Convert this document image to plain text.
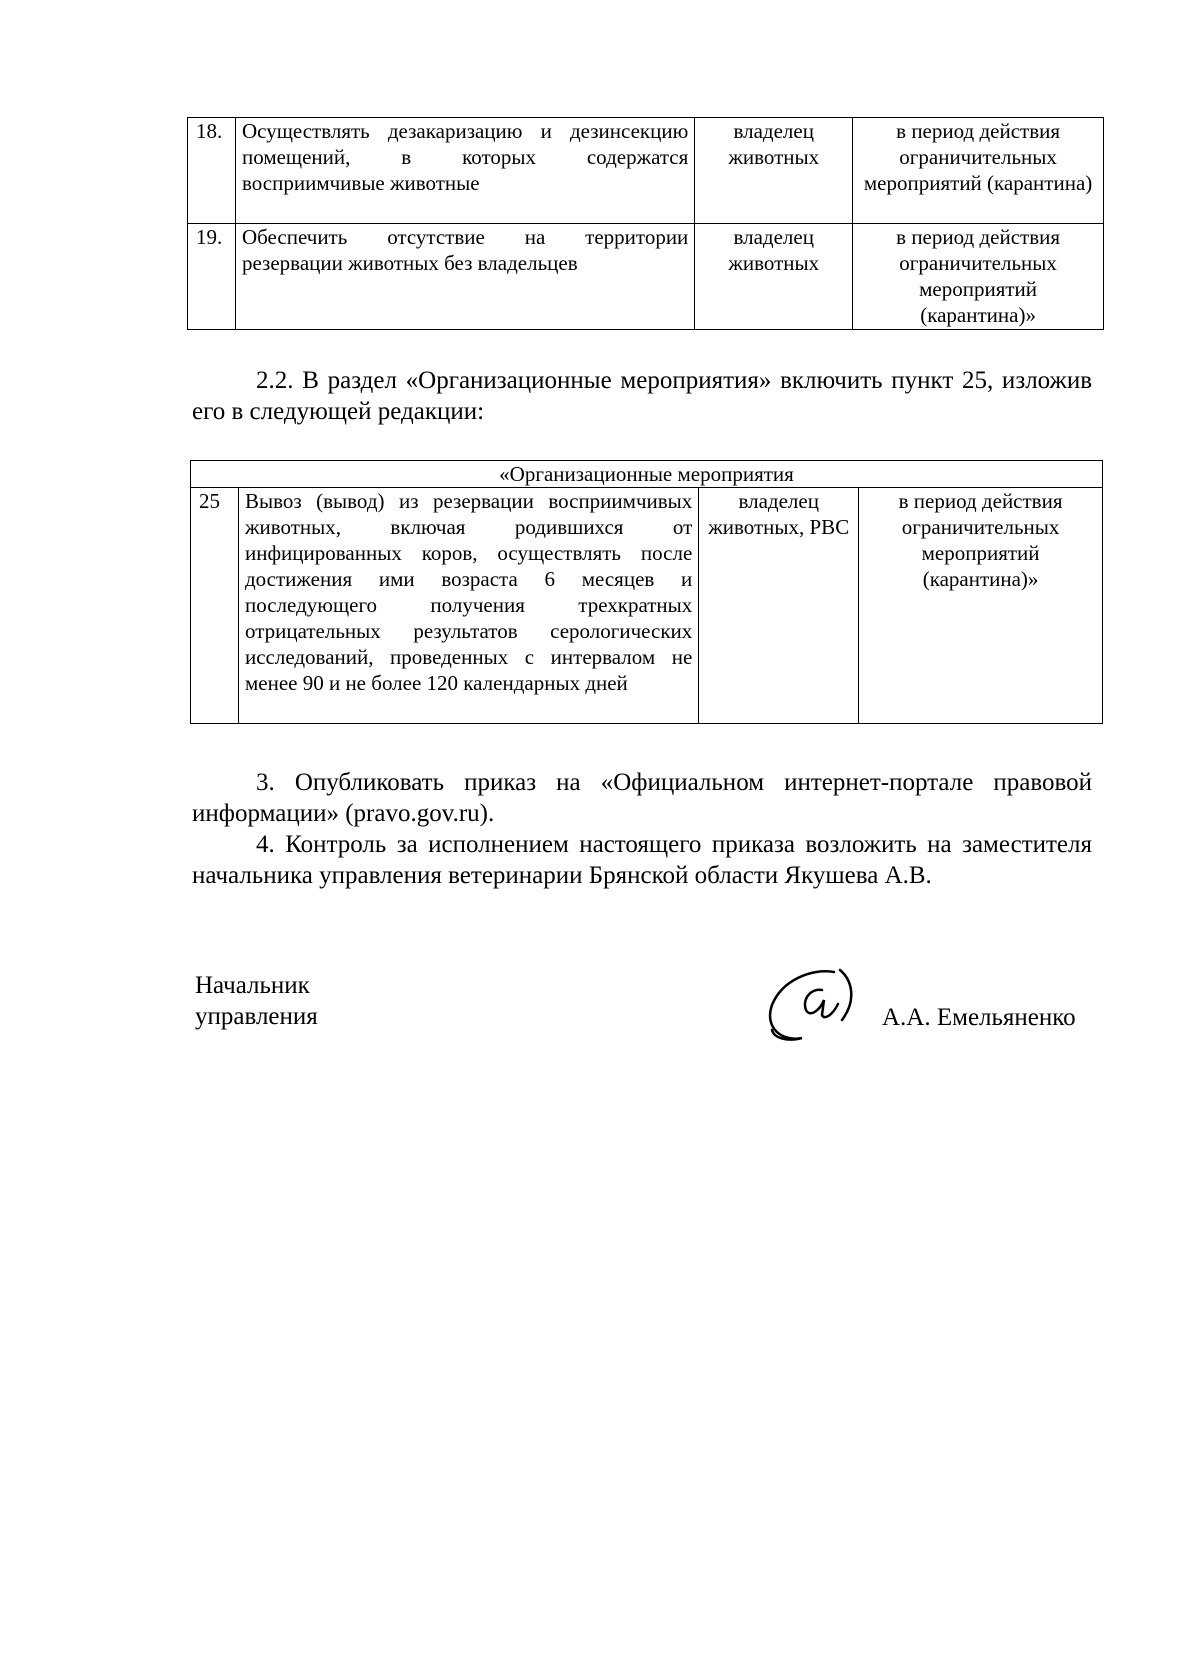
18.	Осуществлять дезакаризацию и дезинсекцию помещений, в которых содержатся восприимчивые животные	владелец животных	в период действия ограничительных мероприятий (карантина)
19.	Обеспечить отсутствие на территории резервации животных без владельцев	владелец животных	в период действия ограничительных мероприятий (карантина)»

2.2. В раздел «Организационные мероприятия» включить пункт 25, изложив его в следующей редакции:

«Организационные мероприятия
25	Вывоз (вывод) из резервации восприимчивых животных, включая родившихся от инфицированных коров, осуществлять после достижения ими возраста 6 месяцев и последующего получения трехкратных отрицательных результатов серологических исследований, проведенных с интервалом не менее 90 и не более 120 календарных дней	владелец животных, РВС	в период действия ограничительных мероприятий (карантина)»

3. Опубликовать приказ на «Официальном интернет-портале правовой информации» (pravo.gov.ru).

4. Контроль за исполнением настоящего приказа возложить на заместителя начальника управления ветеринарии Брянской области Якушева А.В.

Начальник
управления	А.А. Емельяненко
